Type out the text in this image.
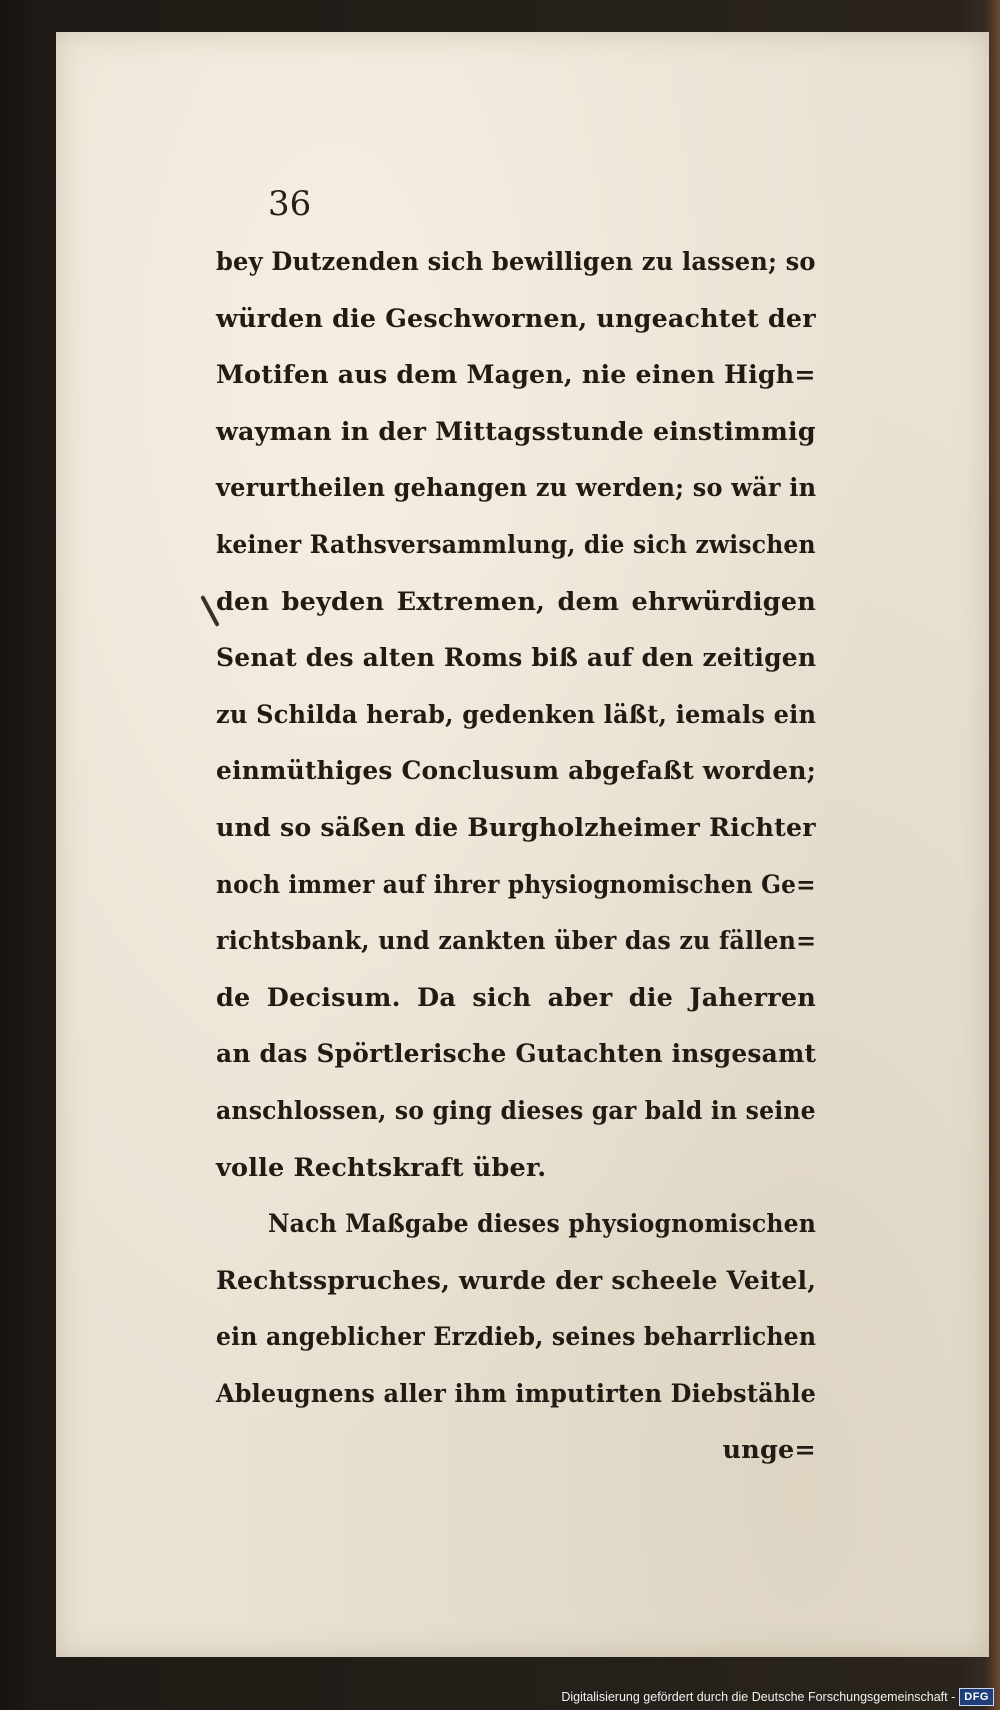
36
bey Dutzenden sich bewilligen zu lassen; so
würden die Geschwornen, ungeachtet der
Motifen aus dem Magen, nie einen High=
wayman in der Mittagsstunde einstimmig
verurtheilen gehangen zu werden; so wär in
keiner Rathsversammlung, die sich zwischen
den beyden Extremen, dem ehrwürdigen
Senat des alten Roms biß auf den zeitigen
zu Schilda herab, gedenken läßt, iemals ein
einmüthiges Conclusum abgefaßt worden;
und so säßen die Burgholzheimer Richter
noch immer auf ihrer physiognomischen Ge=
richtsbank, und zankten über das zu fällen=
de Decisum. Da sich aber die Jaherren
an das Spörtlerische Gutachten insgesamt
anschlossen, so ging dieses gar bald in seine
volle Rechtskraft über.
Nach Maßgabe dieses physiognomischen
Rechtsspruches, wurde der scheele Veitel,
ein angeblicher Erzdieb, seines beharrlichen
Ableugnens aller ihm imputirten Diebstähle
unge=
Digitalisierung gefördert durch die Deutsche Forschungsgemeinschaft - DFG
